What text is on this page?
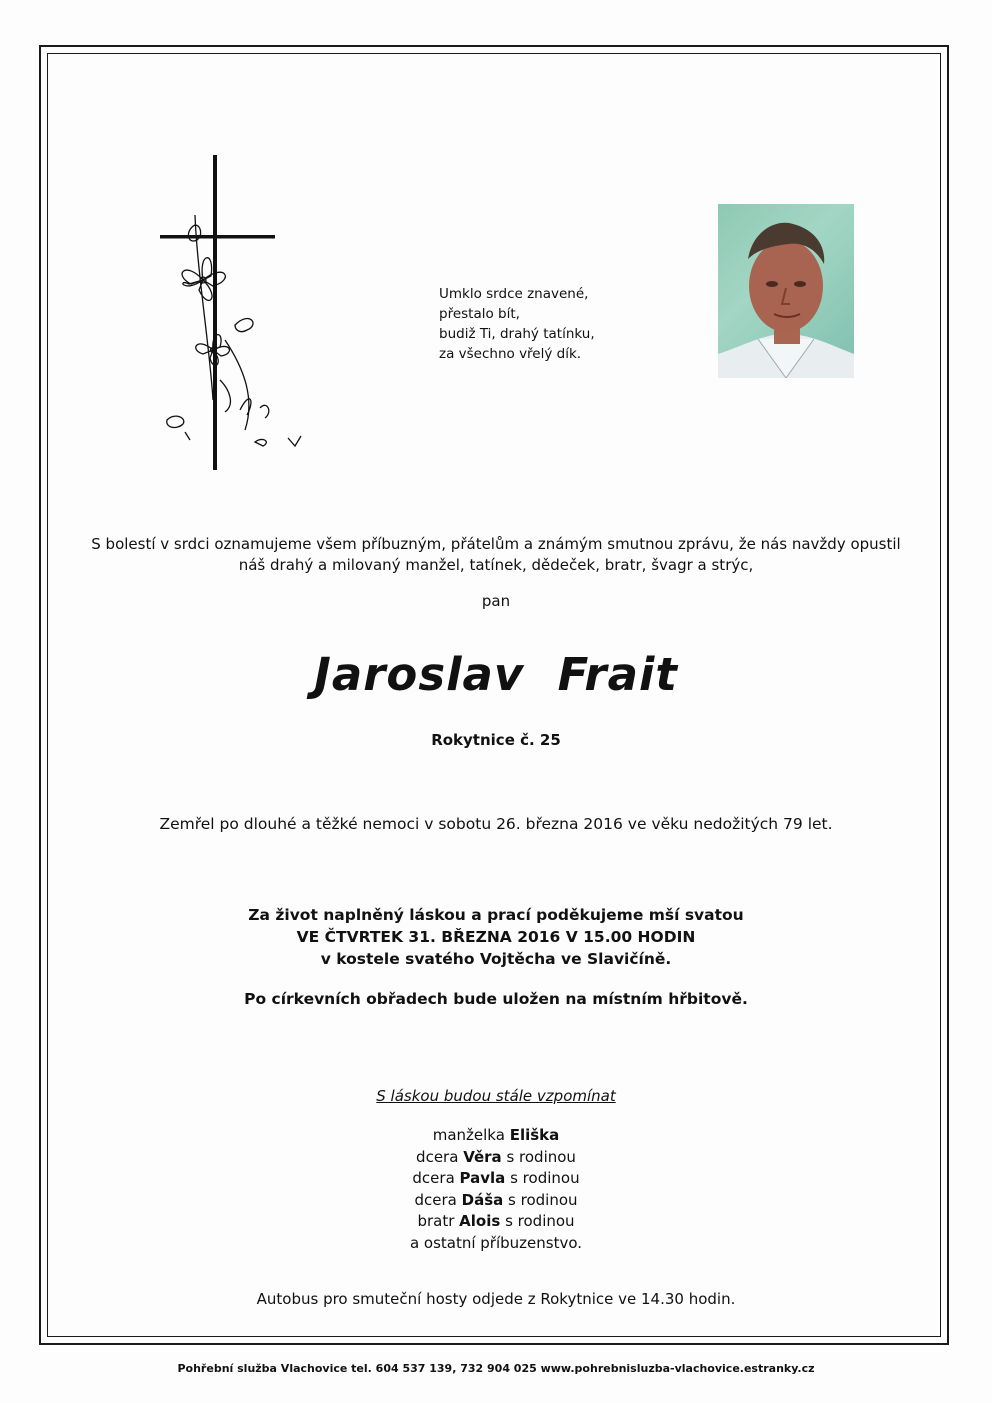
Umklo srdce znavené,
přestalo bít,
budiž Ti, drahý tatínku,
za všechno vřelý dík.
S bolestí v srdci oznamujeme všem příbuzným, přátelům a známým smutnou zprávu, že nás navždy opustil
náš drahý a milovaný manžel, tatínek, dědeček, bratr, švagr a strýc,
pan
Jaroslav  Frait
Rokytnice č. 25
Zemřel po dlouhé a těžké nemoci v sobotu 26. března 2016 ve věku nedožitých 79 let.
Za život naplněný láskou a prací poděkujeme mší svatou
VE ČTVRTEK 31. BŘEZNA 2016 V 15.00 HODIN
v kostele svatého Vojtěcha ve Slavičíně.
Po církevních obřadech bude uložen na místním hřbitově.
S láskou budou stále vzpomínat
manželka Eliška
dcera Věra s rodinou
dcera Pavla s rodinou
dcera Dáša s rodinou
bratr Alois s rodinou
a ostatní příbuzenstvo.
Autobus pro smuteční hosty odjede z Rokytnice ve 14.30 hodin.
Pohřební služba Vlachovice tel. 604 537 139, 732 904 025 www.pohrebnisluzba-vlachovice.estranky.cz
